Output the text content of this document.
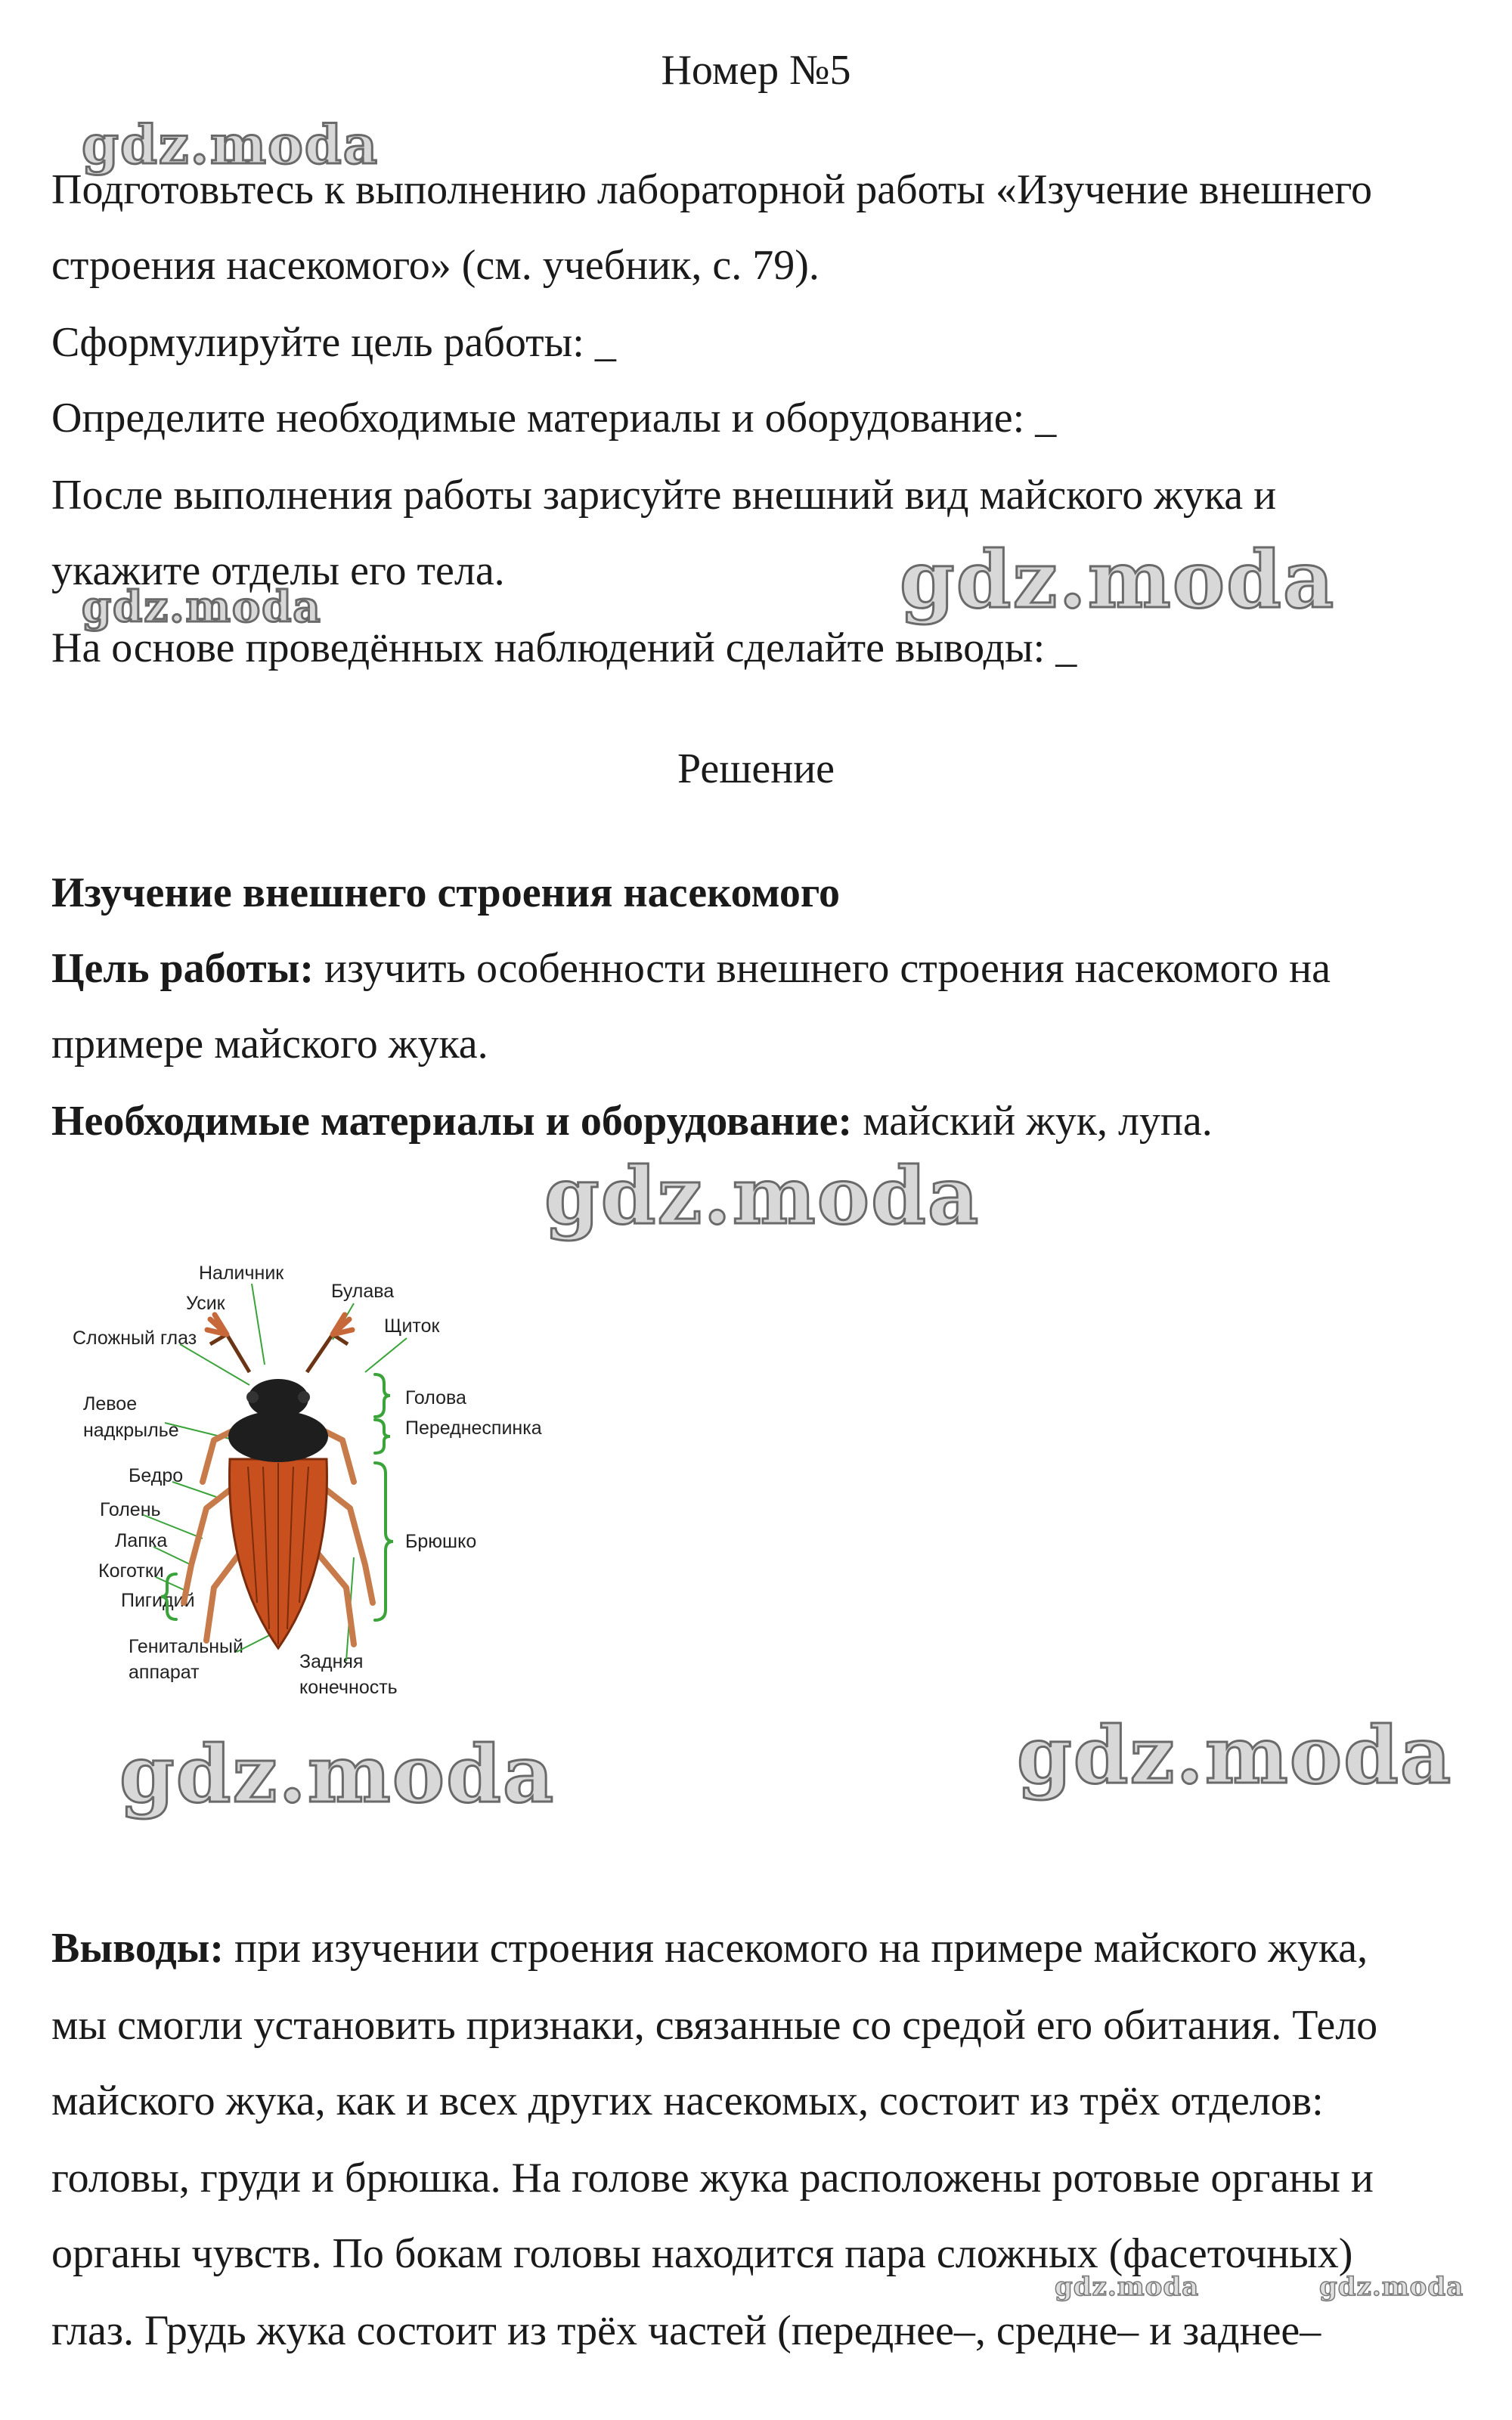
Номер №5
Подготовьтесь к выполнению лабораторной работы «Изучение внешнего
строения насекомого» (см. учебник, с. 79).
Сформулируйте цель работы: _
Определите необходимые материалы и оборудование: _
После выполнения работы зарисуйте внешний вид майского жука и
укажите отделы его тела.
На основе проведённых наблюдений сделайте выводы: _
Решение
Изучение внешнего строения насекомого
Цель работы: изучить особенности внешнего строения насекомого на
примере майского жука.
Необходимые материалы и оборудование: майский жук, лупа.
Наличник
Усик
Булава
Щиток
Сложный глаз
Левое
надкрылье
Голова
Переднеспинка
Бедро
Голень
Лапка
Коготки
Пигидий
Брюшко
Генитальный
аппарат	Задняя
конечность
Выводы: при изучении строения насекомого на примере майского жука,
мы смогли установить признаки, связанные со средой его обитания. Тело
майского жука, как и всех других насекомых, состоит из трёх отделов:
головы, груди и брюшка. На голове жука расположены ротовые органы и
органы чувств. По бокам головы находится пара сложных (фасеточных)
глаз. Грудь жука состоит из трёх частей (переднее–, средне– и заднее–
gdz.moda
gdz.moda	gdz.moda
gdz.moda
gdz.moda	gdz.moda
gdz.moda	gdz.moda
